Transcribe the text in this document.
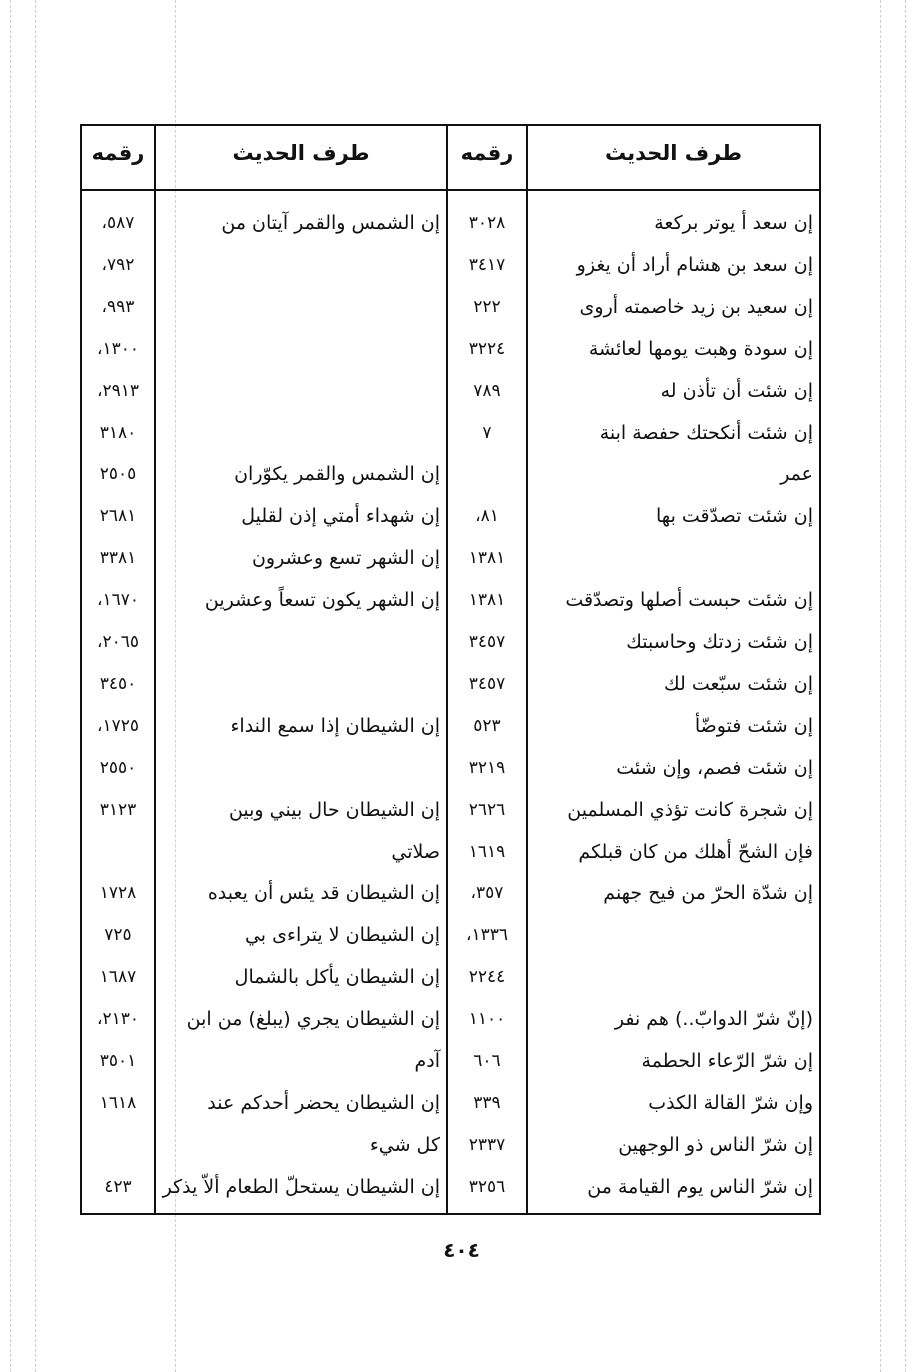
طرف الحديث
رقمه
طرف الحديث
رقمه
إن سعد أ يوتر بركعة
٣٠٢٨
إن الشمس والقمر آيتان من
٥٨٧،
إن سعد بن هشام أراد أن يغزو
٣٤١٧
٧٩٢،
إن سعيد بن زيد خاصمته أروى
٢٢٢
٩٩٣،
إن سودة وهبت يومها لعائشة
٣٢٢٤
١٣٠٠،
إن شئت أن تأذن له
٧٨٩
٢٩١٣،
إن شئت أنكحتك حفصة ابنة
٧
٣١٨٠
عمر
إن الشمس والقمر يكوّران
٢٥٠٥
إن شئت تصدّقت بها
٨١،
إن شهداء أمتي إذن لقليل
٢٦٨١
١٣٨١
إن الشهر تسع وعشرون
٣٣٨١
إن شئت حبست أصلها وتصدّقت
١٣٨١
إن الشهر يكون تسعاً وعشرين
١٦٧٠،
إن شئت زدتك وحاسبتك
٣٤٥٧
٢٠٦٥،
إن شئت سبّعت لك
٣٤٥٧
٣٤٥٠
إن شئت فتوضّأ
٥٢٣
إن الشيطان إذا سمع النداء
١٧٢٥،
إن شئت فصم، وإن شئت
٣٢١٩
٢٥٥٠
إن شجرة كانت تؤذي المسلمين
٢٦٢٦
إن الشيطان حال بيني وبين
٣١٢٣
فإن الشحّ أهلك من كان قبلكم
١٦١٩
صلاتي
إن شدّة الحرّ من فيح جهنم
٣٥٧،
إن الشيطان قد يئس أن يعبده
١٧٢٨
١٣٣٦،
إن الشيطان لا يتراءى بي
٧٢٥
٢٢٤٤
إن الشيطان يأكل بالشمال
١٦٨٧
(إنّ شرّ الدوابّ..) هم نفر
١١٠٠
إن الشيطان يجري (يبلغ) من ابن
٢١٣٠،
إن شرّ الرّعاء الحطمة
٦٠٦
آدم
٣٥٠١
وإن شرّ القالة الكذب
٣٣٩
إن الشيطان يحضر أحدكم عند
١٦١٨
إن شرّ الناس ذو الوجهين
٢٣٣٧
كل شيء
إن شرّ الناس يوم القيامة من
٣٢٥٦
إن الشيطان يستحلّ الطعام ألاّ يذكر
٤٢٣
٤٠٤
